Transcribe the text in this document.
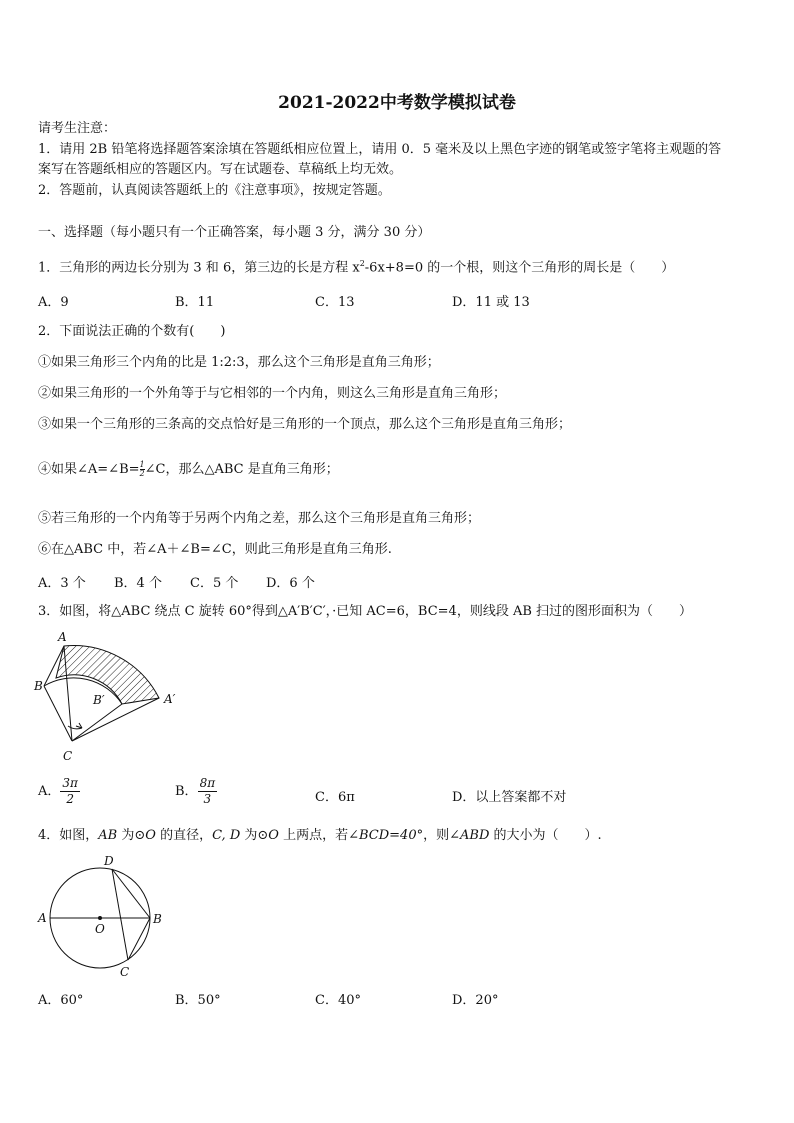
2021-2022中考数学模拟试卷
请考生注意：
1．请用 2B 铅笔将选择题答案涂填在答题纸相应位置上，请用 0．5 毫米及以上黑色字迹的钢笔或签字笔将主观题的答
案写在答题纸相应的答题区内。写在试题卷、草稿纸上均无效。
2．答题前，认真阅读答题纸上的《注意事项》，按规定答题。
一、选择题（每小题只有一个正确答案，每小题 3 分，满分 30 分）
1．三角形的两边长分别为 3 和 6，第三边的长是方程 $x^2-6x+8=0$ 的一个根，则这个三角形的周长是（　　）
A．9	B．11	C．13	D．11 或 13
2．下面说法正确的个数有(　　)
①如果三角形三个内角的比是 1:2:3，那么这个三角形是直角三角形；
②如果三角形的一个外角等于与它相邻的一个内角，则这么三角形是直角三角形；
③如果一个三角形的三条高的交点恰好是三角形的一个顶点，那么这个三角形是直角三角形；
④如果∠A=∠B= $\frac{1}{2}$ ∠C，那么△ABC 是直角三角形；
⑤若三角形的一个内角等于另两个内角之差，那么这个三角形是直角三角形；
⑥在△ABC 中，若∠A＋∠B=∠C，则此三角形是直角三角形.
A．3 个 B．4 个 C．5 个 D．6 个
3．如图，将△ABC 绕点 C 旋转 60°得到△A′B′C′，·已知 AC=6，BC=4，则线段 AB 扫过的图形面积为（　　）
A
B
B′	A′
C
A． $\frac{3\pi}{2}$	B． $\frac{8\pi}{3}$	C．6π	D．以上答案都不对
4．如图，AB 为⊙O 的直径，C, D 为⊙O 上两点，若∠BCD=40°，则∠ABD 的大小为（　　）.
D
A	B
O
C
A．60°	B．50°	C．40°	D．20°
